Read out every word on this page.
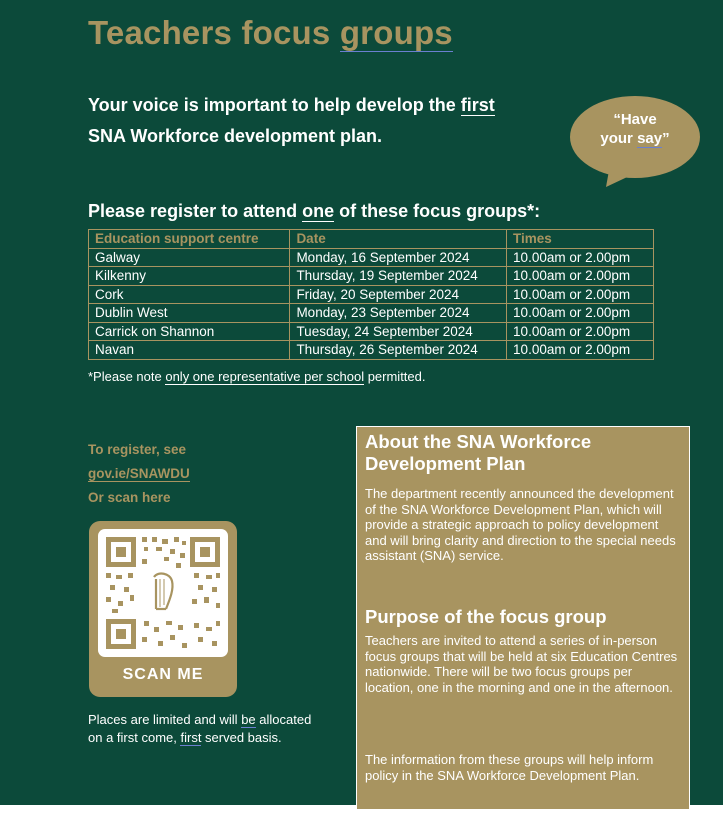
Teachers focus groups
Your voice is important to help develop the first
SNA Workforce development plan.
“Have
your say”
Please register to attend one of these focus groups*:
Education support centre	Date	Times
Galway	Monday, 16 September 2024	10.00am or 2.00pm
Kilkenny	Thursday, 19 September 2024	10.00am or 2.00pm
Cork	Friday, 20 September 2024	10.00am or 2.00pm
Dublin West	Monday, 23 September 2024	10.00am or 2.00pm
Carrick on Shannon	Tuesday, 24 September 2024	10.00am or 2.00pm
Navan	Thursday, 26 September 2024	10.00am or 2.00pm
*Please note only one representative per school permitted.
To register, see
gov.ie/SNAWDU
Or scan here
SCAN ME
Places are limited and will be allocated on a first come, first served basis.
About the SNA Workforce Development Plan

The department recently announced the development of the SNA Workforce Development Plan, which will provide a strategic approach to policy development and will bring clarity and direction to the special needs assistant (SNA) service.

Purpose of the focus group

Teachers are invited to attend a series of in-person focus groups that will be held at six Education Centres nationwide. There will be two focus groups per location, one in the morning and one in the afternoon.

The information from these groups will help inform policy in the SNA Workforce Development Plan.
